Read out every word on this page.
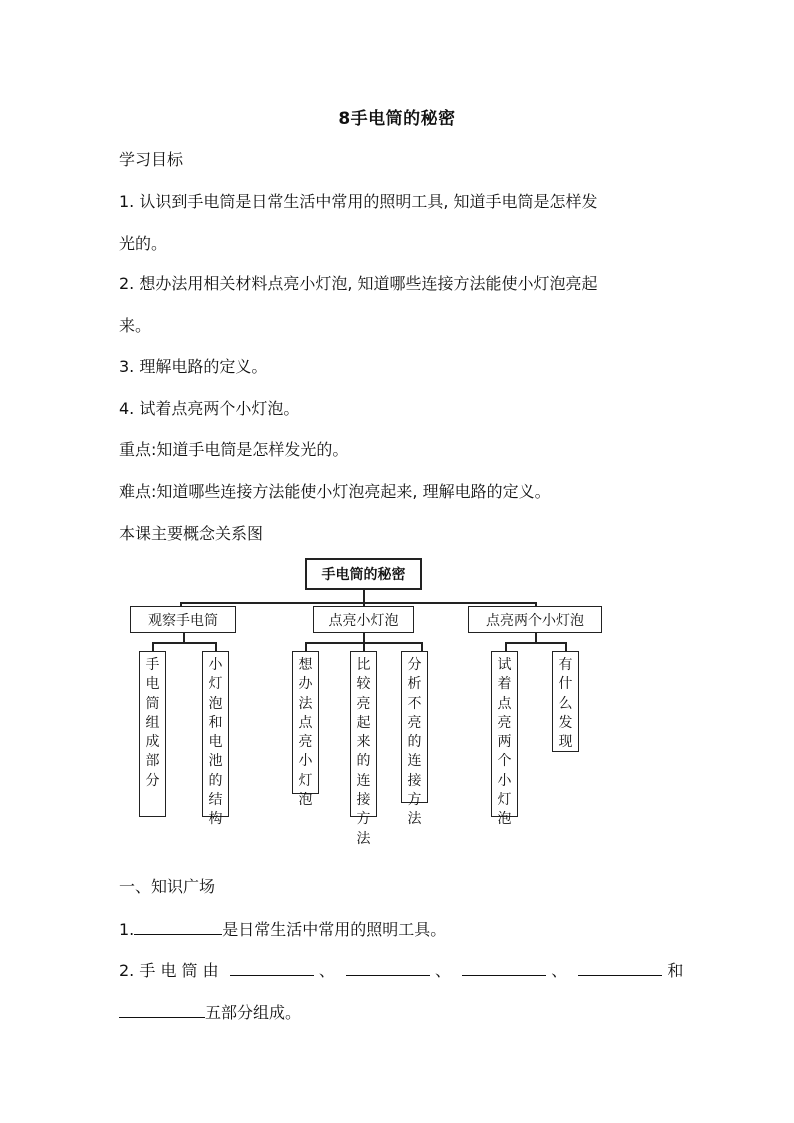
8手电筒的秘密
学习目标
1. 认识到手电筒是日常生活中常用的照明工具, 知道手电筒是怎样发
光的。
2. 想办法用相关材料点亮小灯泡, 知道哪些连接方法能使小灯泡亮起
来。
3. 理解电路的定义。
4. 试着点亮两个小灯泡。
重点:知道手电筒是怎样发光的。
难点:知道哪些连接方法能使小灯泡亮起来, 理解电路的定义。
本课主要概念关系图
手电筒的秘密
观察手电筒	点亮小灯泡	点亮两个小灯泡
手
电
筒
组
成
部
分
小
灯
泡
和
电
池
的
结
构
想
办
法
点
亮
小
灯
泡
比
较
亮
起
来
的
连
接
方
法
分
析
不
亮
的
连
接
方
法
试
着
点
亮
两
个
小
灯
泡
有
什
么
发
现
一、知识广场
1.	是日常生活中常用的照明工具。
2. 手 电 筒 由	、	、	、	和
五部分组成。
